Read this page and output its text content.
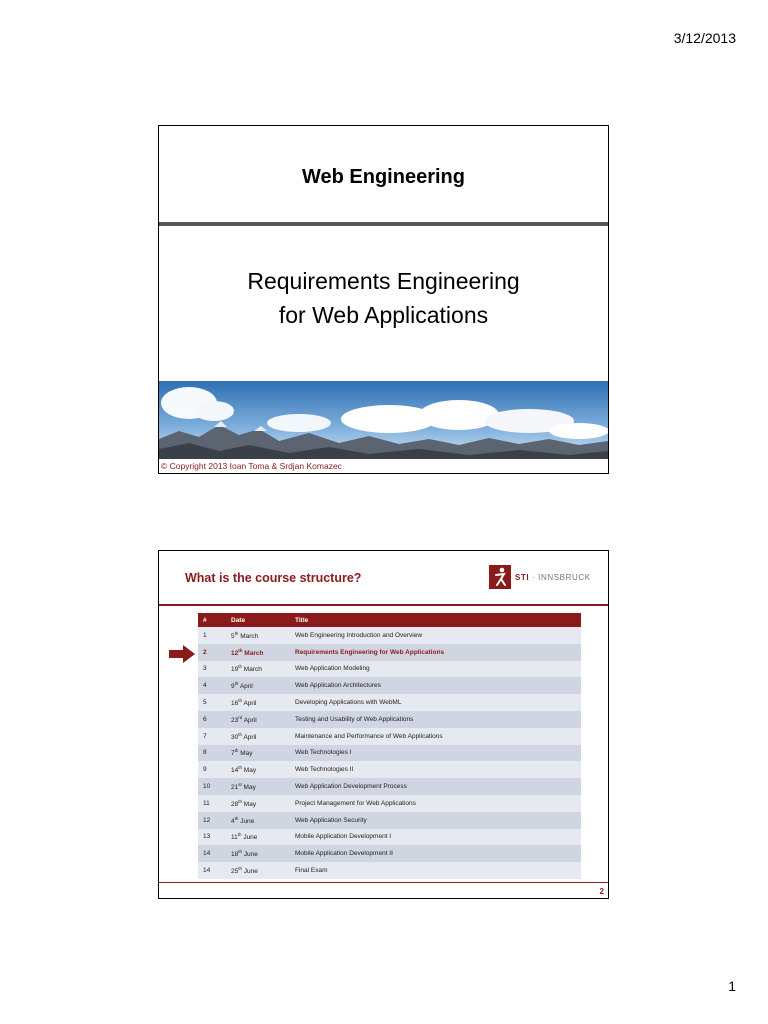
3/12/2013
Web Engineering
Requirements Engineering
for Web Applications
© Copyright 2013 Ioan Toma & Srdjan Komazec
What is the course structure?	STI · INNSBRUCK
#	Date	Title
1	5th March	Web Engineering Introduction and Overview
2	12th March	Requirements Engineering for Web Applications
3	19th March	Web Application Modeling
4	9th April	Web Application Architectures
5	16th April	Developing Applications with WebML
6	23rd April	Testing and Usability of Web Applications
7	30th April	Maintenance and Performance of Web Applications
8	7th May	Web Technologies I
9	14th May	Web Technologies II
10	21st May	Web Application Development Process
11	28th May	Project Management for Web Applications
12	4th June	Web Application Security
13	11th June	Mobile Application Development I
14	18th June	Mobile Application Development II
14	25th June	Final Exam
2
1
